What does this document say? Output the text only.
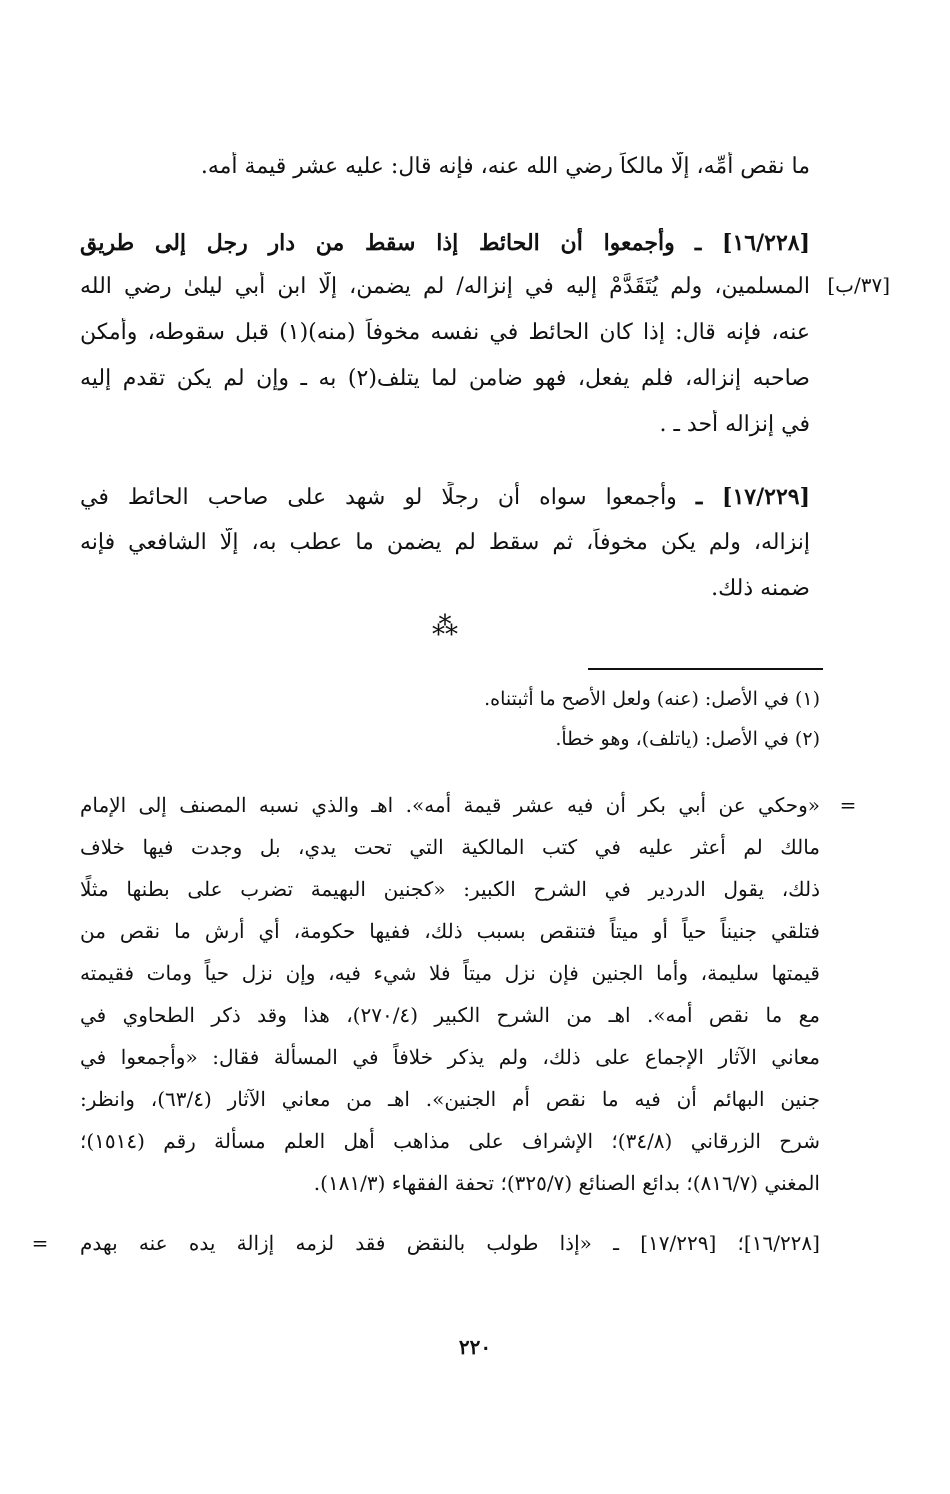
ما نقص أُمِّه، إلَّا مالكاً رضي الله عنه، فإنه قال: عليه عشر قيمة أمه.
[١٦/٢٢٨] ـ وأجمعوا أن الحائط إذا سقط من دار رجل إلى طريق
[٣٧/ب]
المسلمين، ولم يُتَقَدَّمْ إليه في إنزاله/ لم يضمن، إلَّا ابن أبي ليلىٰ رضي الله
عنه، فإنه قال: إذا كان الحائط في نفسه مخوفاً (منه)(١) قبل سقوطه، وأمكن
صاحبه إنزاله، فلم يفعل، فهو ضامن لما يتلف(٢) به ـ وإن لم يكن تقدم إليه
في إنزاله أحد ـ .
[١٧/٢٢٩] ـ وأجمعوا سواه أن رجلًا لو شهد على صاحب الحائط في
إنزاله، ولم يكن مخوفاً، ثم سقط لم يضمن ما عطب به، إلَّا الشافعي فإنه
ضمنه ذلك.
⁂
(١) في الأصل: (عنه) ولعل الأصح ما أثبتناه.
(٢) في الأصل: (ياتلف)، وهو خطأ.
=
«وحكي عن أبي بكر أن فيه عشر قيمة أمه». اهـ والذي نسبه المصنف إلى الإمام
مالك لم أعثر عليه في كتب المالكية التي تحت يدي، بل وجدت فيها خلاف
ذلك، يقول الدردير في الشرح الكبير: «كجنين البهيمة تضرب على بطنها مثلًا
فتلقي جنيناً حياً أو ميتاً فتنقص بسبب ذلك، ففيها حكومة، أي أرش ما نقص من
قيمتها سليمة، وأما الجنين فإن نزل ميتاً فلا شيء فيه، وإن نزل حياً ومات فقيمته
مع ما نقص أمه». اهـ من الشرح الكبير (٢٧٠/٤)، هذا وقد ذكر الطحاوي في
معاني الآثار الإجماع على ذلك، ولم يذكر خلافاً في المسألة فقال: «وأجمعوا في
جنين البهائم أن فيه ما نقص أم الجنين». اهـ من معاني الآثار (٦٣/٤)، وانظر:
شرح الزرقاني (٣٤/٨)؛ الإشراف على مذاهب أهل العلم مسألة رقم (١٥١٤)؛
المغني (٨١٦/٧)؛ بدائع الصنائع (٣٢٥/٧)؛ تحفة الفقهاء (١٨١/٣).
[١٦/٢٢٨]؛ [١٧/٢٢٩] ـ «إذا طولب بالنقض فقد لزمه إزالة يده عنه بهدم
=
٢٢٠
